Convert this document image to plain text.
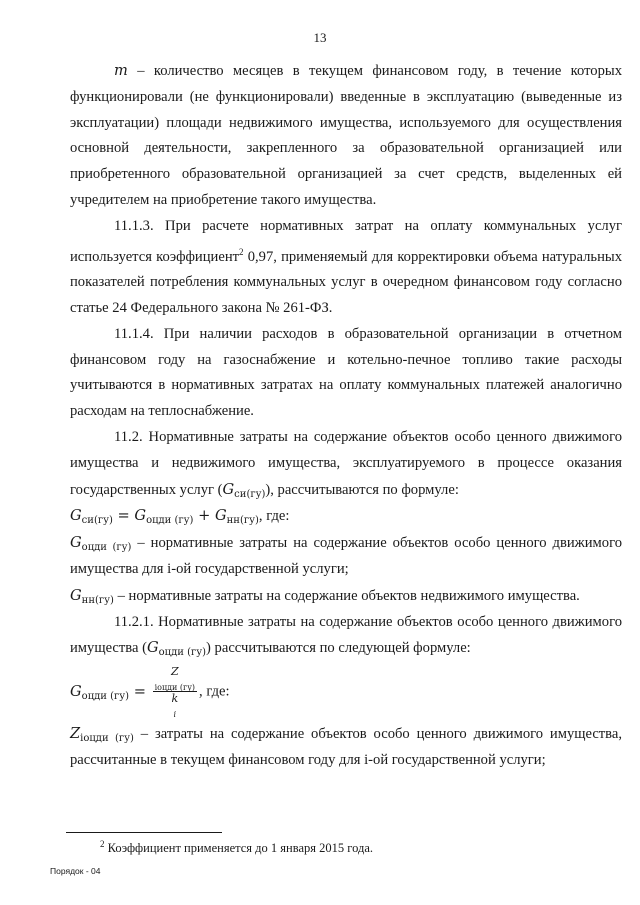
13

m – количество месяцев в текущем финансовом году, в течение которых функционировали (не функционировали) введенные в эксплуатацию (выведенные из эксплуатации) площади недвижимого имущества, используемого для осуществления основной деятельности, закрепленного за образовательной организацией или приобретенного образовательной организацией за счет средств, выделенных ей учредителем на приобретение такого имущества.

11.1.3. При расчете нормативных затрат на оплату коммунальных услуг используется коэффициент$^2$ 0,97, применяемый для корректировки объема натуральных показателей потребления коммунальных услуг в очередном финансовом году согласно статье 24 Федерального закона № 261-ФЗ.

11.1.4. При наличии расходов в образовательной организации в отчетном финансовом году на газоснабжение и котельно-печное топливо такие расходы учитываются в нормативных затратах на оплату коммунальных платежей аналогично расходам на теплоснабжение.

11.2. Нормативные затраты на содержание объектов особо ценного движимого имущества и недвижимого имущества, эксплуатируемого в процессе оказания государственных услуг $(G_{си(гу)})$, рассчитываются по формуле:

$G_{си(гу)} = G_{оцди (гу)} + G_{нн(гу)}$, где:

$G_{оцди (гу)}$ – нормативные затраты на содержание объектов особо ценного движимого имущества для i-ой государственной услуги;

$G_{нн(гу)}$ – нормативные затраты на содержание объектов недвижимого имущества.

11.2.1. Нормативные затраты на содержание объектов особо ценного движимого имущества $(G_{оцди (гу)})$ рассчитываются по следующей формуле:

$G_{оцди (гу)} = Z$
$_{iоцди (гу)}$
k
$_i$ , где:

$Z_{iоцди (гу)}$ – затраты на содержание объектов особо ценного движимого имущества, рассчитанные в текущем финансовом году для i-ой государственной услуги;

$^2$ Коэффициент применяется до 1 января 2015 года.
Порядок - 04
